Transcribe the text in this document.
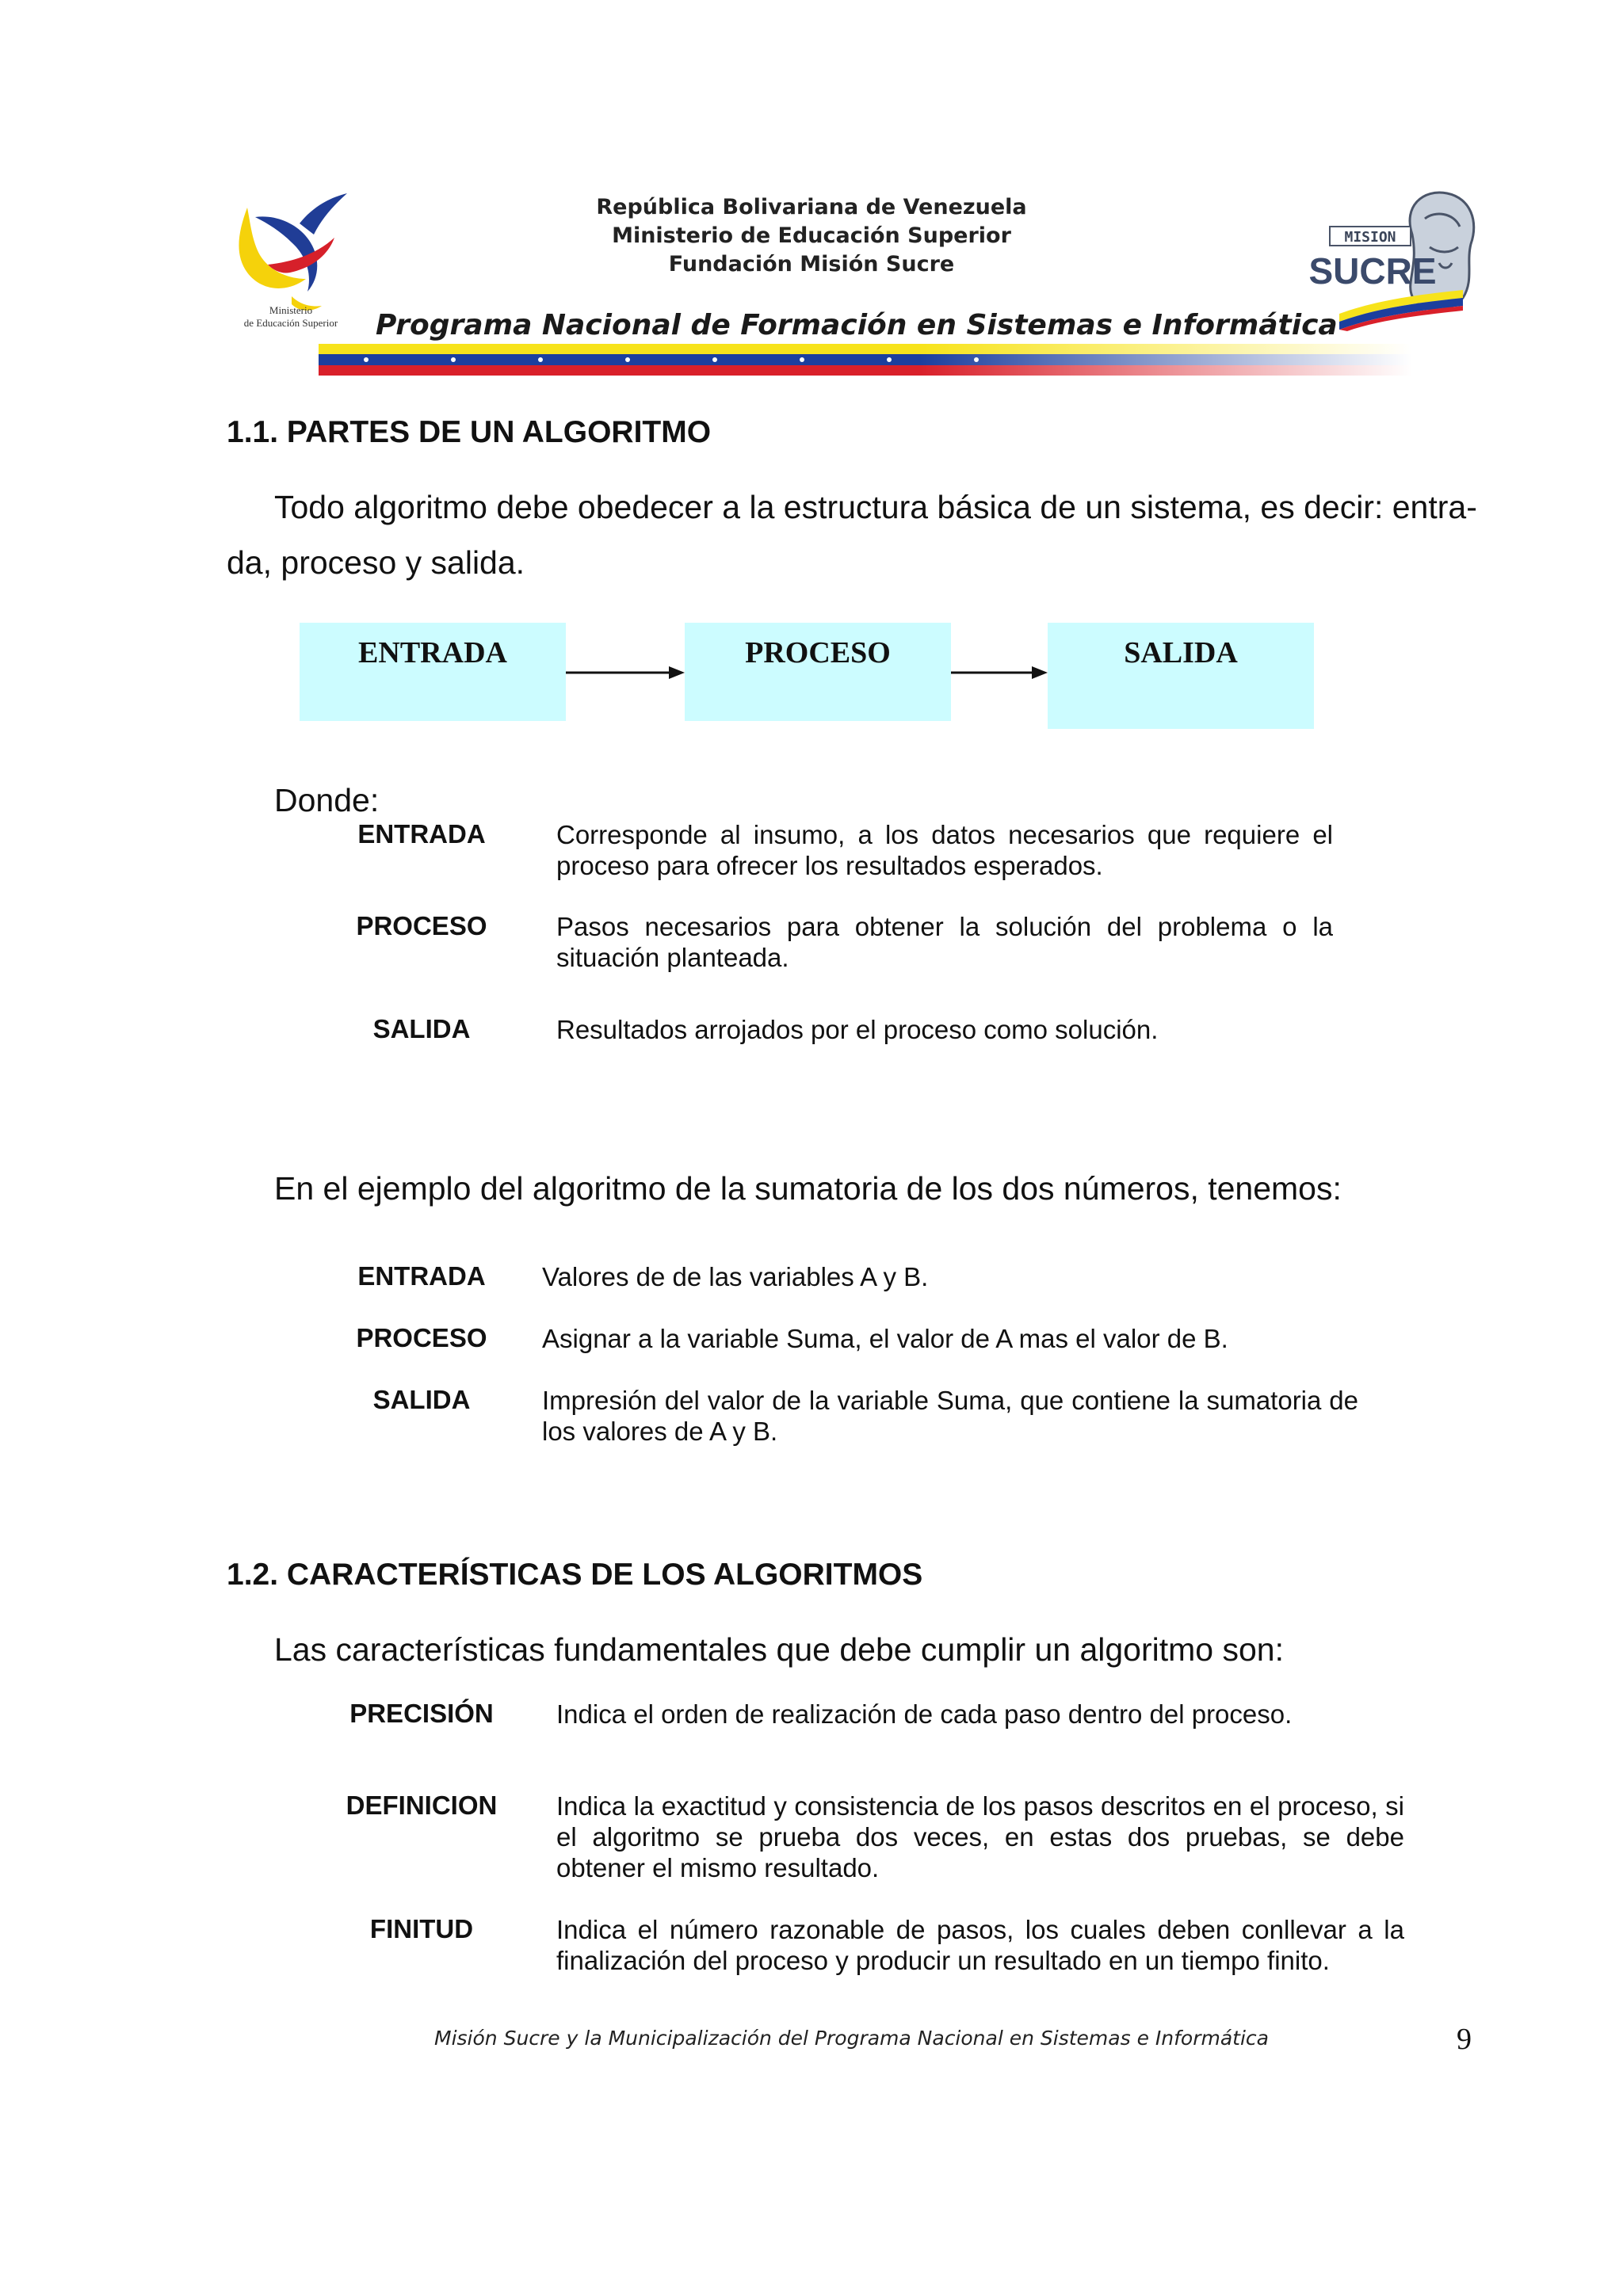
Ministerio
de Educación Superior
República Bolivariana de Venezuela
Ministerio de Educación Superior
Fundación Misión Sucre
MISION
SUCRE
Programa Nacional de Formación en Sistemas e Informática
1.1. PARTES DE UN ALGORITMO
Todo algoritmo debe obedecer a la estructura básica de un sistema, es decir: entra-
da, proceso y salida.
ENTRADA	PROCESO	SALIDA
Donde:
ENTRADA	Corresponde al insumo, a los datos necesarios que requiere el proceso para ofrecer los resultados esperados.
PROCESO	Pasos necesarios para obtener la solución del problema o la situación planteada.
SALIDA	Resultados arrojados por el proceso como solución.
En el ejemplo del algoritmo de la sumatoria de los dos números, tenemos:
ENTRADA	Valores de de las variables A y B.
PROCESO	Asignar a la variable Suma, el valor de A mas el valor de B.
SALIDA	Impresión del valor de la variable Suma, que contiene la sumatoria de los valores de A y B.
1.2. CARACTERÍSTICAS DE LOS ALGORITMOS
Las características fundamentales que debe cumplir un algoritmo son:
PRECISIÓN	Indica el orden de realización de cada paso dentro del proceso.
DEFINICION	Indica la exactitud y consistencia de los pasos descritos en el proceso, si el algoritmo se prueba dos veces, en estas dos pruebas, se debe obtener el mismo resultado.
FINITUD	Indica el número razonable de pasos, los cuales deben conllevar a la finalización del proceso y producir un resultado en un tiempo finito.
Misión Sucre y la Municipalización del Programa Nacional en Sistemas e Informática	9
